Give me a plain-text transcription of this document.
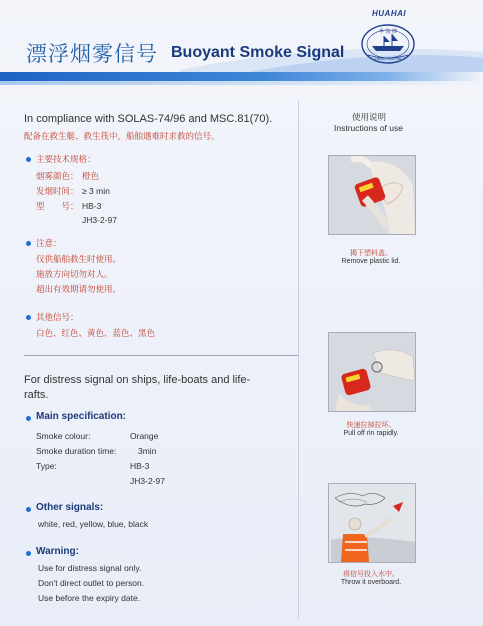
漂浮烟雾信号 Buoyant Smoke Signal
HUAHAI
华 海 牌
HANG HAI PAI
In compliance with SOLAS-74/96 and MSC.81(70).
配备在救生艇、救生筏中，船舶遇难时求救的信号。
主要技术规格：
烟雾颜色： 橙色
发烟时间： ≥ 3 min
型　　号： HB-3
JH3-2-97
注意：
仅供船舶救生时使用。
施放方向切勿对人。
超出有效期请勿使用。
其他信号：
白色、红色、黄色、蓝色、黑色
For distress signal on ships, life-boats and life-rafts.
Main specification:
Smoke colour:	Orange
Smoke duration time:	3min
Type:	HB-3
JH3-2-97
Other signals:
white, red, yellow, blue, black
Warning:
Use for distress signal only.
Don't direct outlet to person.
Use before the expiry date.
使用说明
Instructions of use
揭下塑料盖。
Remove plastic lid.
快速拉掉拉环。
Pull off rin rapidly.
将信号投入水中。
Throw it overboard.
